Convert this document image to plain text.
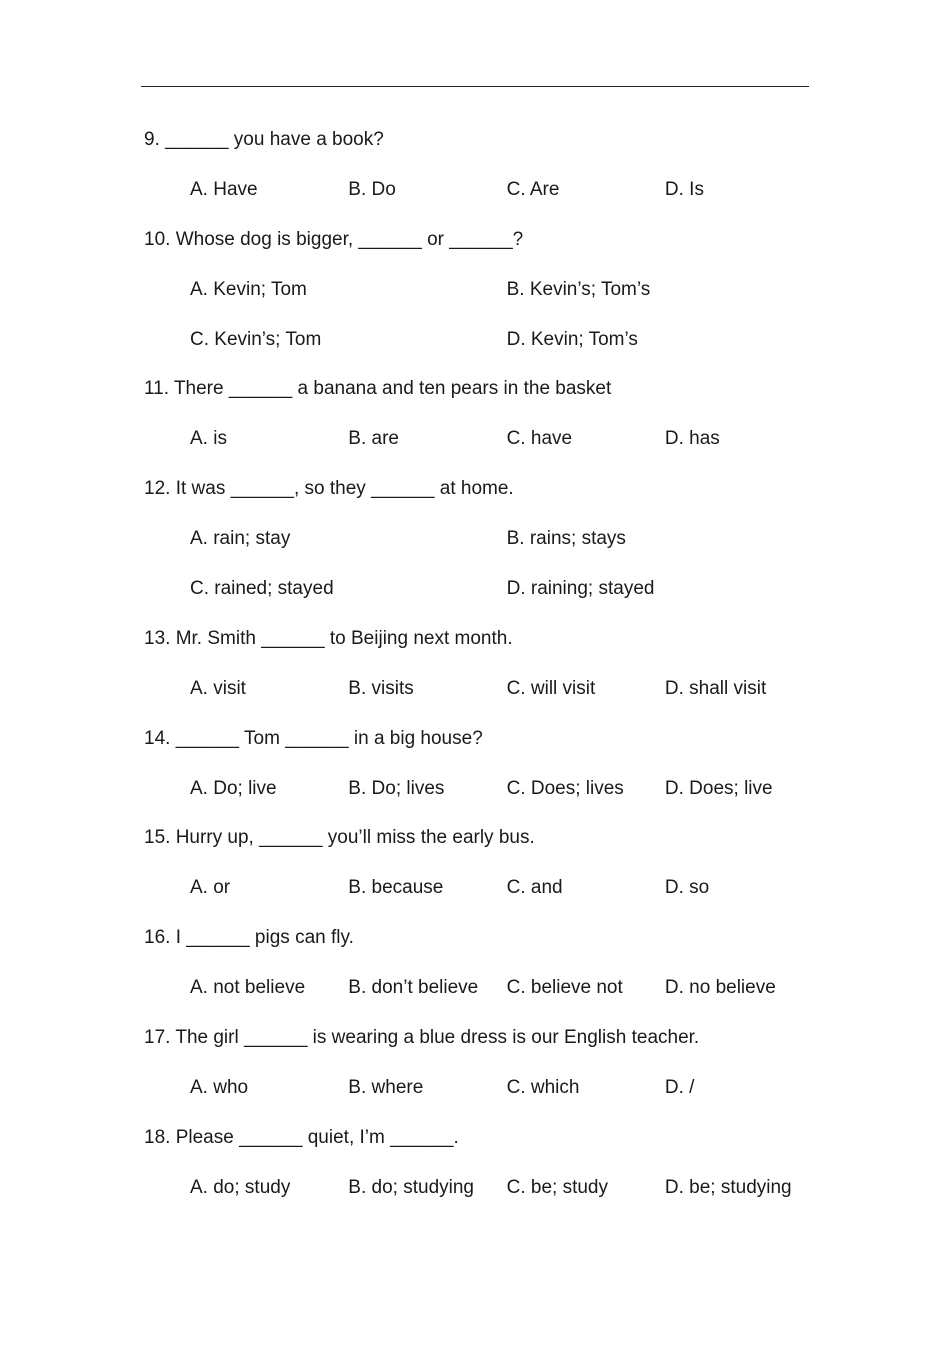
9. ______ you have a book?
A. Have	B. Do	C. Are	D. Is
10. Whose dog is bigger, ______ or ______?
A. Kevin; Tom	B. Kevin’s; Tom’s
C. Kevin’s; Tom	D. Kevin; Tom’s
11. There ______ a banana and ten pears in the basket
A. is	B. are	C. have	D. has
12. It was ______, so they ______ at home.
A. rain; stay	B. rains; stays
C. rained; stayed	D. raining; stayed
13. Mr. Smith ______ to Beijing next month.
A. visit	B. visits	C. will visit	D. shall visit
14. ______ Tom ______ in a big house?
A. Do; live	B. Do; lives	C. Does; lives	D. Does; live
15. Hurry up, ______ you’ll miss the early bus.
A. or	B. because	C. and	D. so
16. I ______ pigs can fly.
A. not believe	B. don’t believe	C. believe not	D. no believe
17. The girl ______ is wearing a blue dress is our English teacher.
A. who	B. where	C. which	D. /
18. Please ______ quiet, I’m ______.
A. do; study	B. do; studying	C. be; study	D. be; studying
